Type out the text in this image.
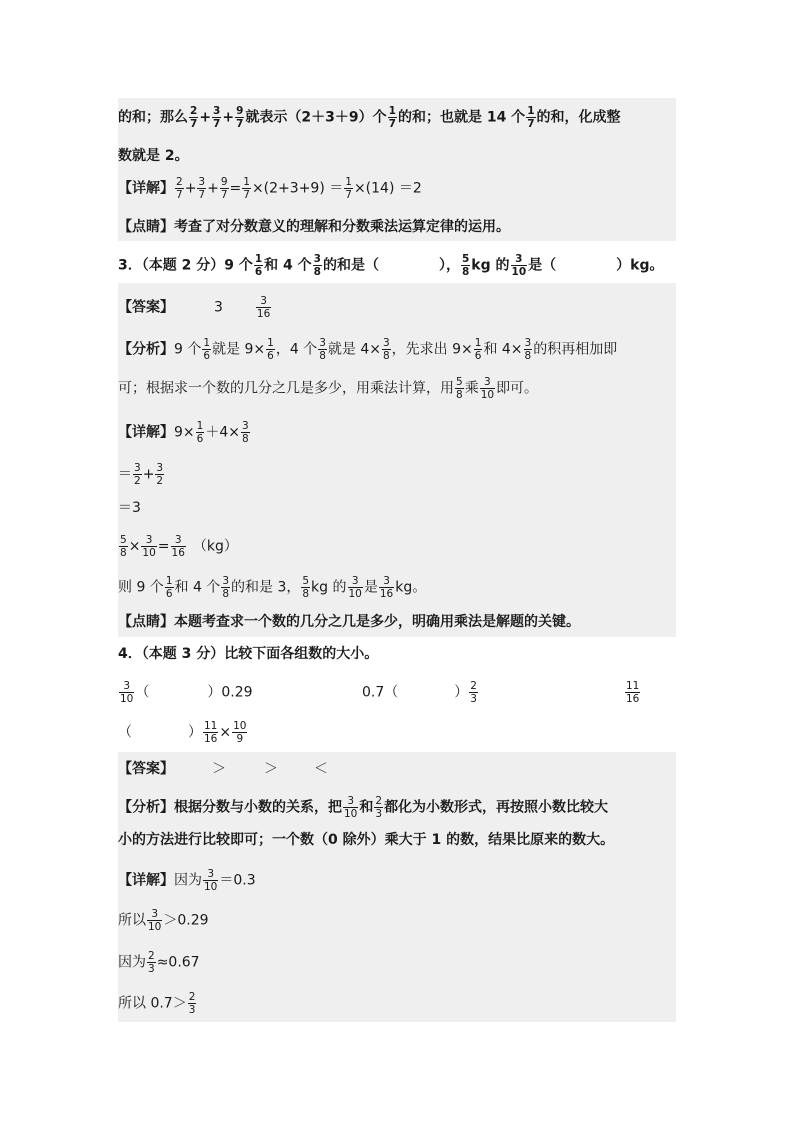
的和；那么 $\frac{2}{7} + \frac{3}{7} + \frac{9}{7}$ 就表示（2＋3＋9）个 $\frac{1}{7}$ 的和；也就是 14 个 $\frac{1}{7}$ 的和，化成整
数就是 2。
【详解】 $\frac{2}{7} + \frac{3}{7} + \frac{9}{7} = \frac{1}{7} \times(2+3+9) = \frac{1}{7} \times(14) =2$
【点睛】考查了对分数意义的理解和分数乘法运算定律的运用。
3．（本题 2 分）9 个 $\frac{1}{6}$ 和 4 个 $\frac{3}{8}$ 的和是（	）， $\frac{5}{8}$ kg 的 $\frac{3}{10}$ 是（	）kg。
【答案】	3	$\frac{3}{16}$
【分析】9 个 $\frac{1}{6}$ 就是 $9\times \frac{1}{6}$ ，4 个 $\frac{3}{8}$ 就是 $4\times \frac{3}{8}$ ，先求出 $9\times \frac{1}{6}$ 和 $4\times \frac{3}{8}$ 的积再相加即
可；根据求一个数的几分之几是多少，用乘法计算，用 $\frac{5}{8}$ 乘 $\frac{3}{10}$ 即可。
【详解】$9\times \frac{1}{6} +4\times \frac{3}{8}$
＝ $\frac{3}{2} + \frac{3}{2}$
＝3
$\frac{5}{8} \times \frac{3}{10} = \frac{3}{16} (kg)$
则 9 个 $\frac{1}{6}$ 和 4 个 $\frac{3}{8}$ 的和是 3， $\frac{5}{8}$ kg 的 $\frac{3}{10}$ 是 $\frac{3}{16}$ kg。
【点睛】本题考查求一个数的几分之几是多少，明确用乘法是解题的关键。
4．（本题 3 分）比较下面各组数的大小。
$\frac{3}{10}$ （	）0.29	0.7（	） $\frac{2}{3}$	$\frac{11}{16}$
（	） $\frac{11}{16} \times \frac{10}{9}$
【答案】	＞	＞	＜
【分析】根据分数与小数的关系，把 $\frac{3}{10}$ 和 $\frac{2}{3}$ 都化为小数形式，再按照小数比较大
小的方法进行比较即可；一个数（0 除外）乘大于 1 的数，结果比原来的数大。
【详解】因为 $\frac{3}{10} =0.3$
所以 $\frac{3}{10} >0.29$
因为 $\frac{2}{3} \approx 0.67$
所以 $0.7> \frac{2}{3}$
